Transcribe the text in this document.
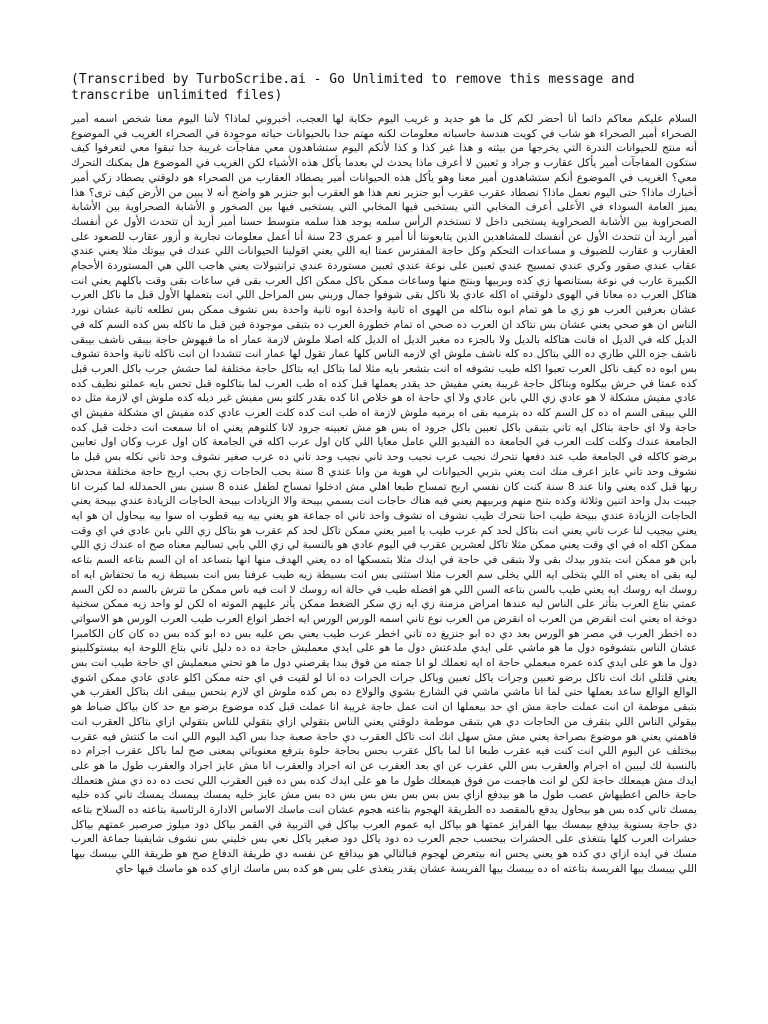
(Transcribed by TurboScribe.ai - Go Unlimited to remove this message and transcribe unlimited files)

السلام عليكم معاكم دائما أنا أحضر لكم كل ما هو جديد و غريب اليوم حكاية لها العجب، أخبروني لماذا؟ لأننا اليوم معنا شخص اسمه أمير الصحراء أمير الصحراء هو شاب في كويت هندسة حاسباته معلومات لكنه مهتم جدا بالحيوانات حياته موجودة في الصحراء الغريب في الموضوع أنه منتج للحيوانات الندرة التي يخرجها من بيئته و هذا غير كذا و كذا لأنكم اليوم ستشاهدون معي مفاجآت غريبة جدا تبقوا معي لتعرفوا كيف ستكون المفاجآت أمير يأكل عقارب و جراد و ثعبين لا أعرف ماذا يحدث لي بعدما يأكل هذه الأشياء لكن الغريب في الموضوع هل يمكنك التحرك معي؟ الغريب في الموضوع أنكم ستشاهدون أمير معنا وهو يأكل هذه الحيوانات أمير يصطاد العقارب من الصحراء هو دلوقتي يصطاد زكي أمير أخبارك ماذا؟ حتى اليوم نعمل ماذا؟ نصطاد عقرب عقرب أبو جنزير نعم هذا هو العقرب أبو جنزير هو واضح أنه لا يبين من الأرض كيف ترى؟ هذا يميز العامة السوداء في الأعلى أعرف المخابي التي يستخبى فيها المخابي التي يستخبى فيها بين الصخور و الأشابة الصحراوية بين الأشابة الصحراوية بين الأشابة الصحراوية يستخبى داخل لا تستخدم الرأس سلمه يوجد هذا سلمه متوسط حسنا أمير أريد أن تتحدث الأول عن أنفسك أمير أريد أن تتحدث الأول عن أنفسك للمشاهدين الذين يتابعوننا أنا أمير و عمري 23 سنة أنا أعمل معلومات تجارية و أزور عقارب للصعود على العقارب و عقارب للضيوف و مساعدات التحكم وكل حاجة المفترس عمتا ايه اللي يعني اقولينا الحيوانات اللي عندك في بيوتك مثلا يعني عندي عقاب عندي صقور وكري عندي تمسيح عندي ثعبين على نوعة عندي ثعبين مستوردة عندي ترانتيولات يعني هاجب اللي هي المستوردة الأحجام الكبيرة عارب في نوعة بستانصها زي كده وبربيها وبنتج منها وساعات ممكن باكل ممكن اكل العرب بقى في ساعات بقى وقت باكلهم يعني انت هتاكل العرب ده معانا في الهوى دلوقتي اه اكله عادي بلا ناكل بقى شوفوا جمال وربني بس المراحل اللي انت بتعملها الأول قبل ما ناكل العرب عشان بعرفين العرب هو زي ما هو تمام ابوه بناكله من الهوى اه ثانية واحدة ابوه ثانية واحدة بس نشوف ممكن بس تطلعه ثانية عشان نورد الناس ان هو صحي يعني عشان بس نتاكد ان العرب ده صحي اه تمام خطورة العرب ده بتبقى موجودة فين قبل ما تاكله بس كده السم كله في الديل كله في الديل اه فانت هتاكله بالديل ولا بالجزء ده مغير الديل اه الديل كله اصلا ملوش لازمة عمار اه ما فيهوش حاجة بيبقى ناشف بيبقى ناشف جزه اللي طاري ده اللي بتاكل ده كله ناشف ملوش اي لازمه الناس كلها عمار تقول لها عمار انت تتشددا ان انت ناكله ثانية واحدة تشوف بس ابوه ده كيف ناكل العرب تعبوا اكله طيب نشوفه اه انت بتشعر بايه مثلا لما بتاكل ايه بتاكل حاجة مختلفة لما حشش جرب باكل العرب قبل كده عمتا في حرش بيكلوه وبتاكل حاجة غريبة يعني مفيش حد يقدر يعملها قبل كده اه طب العرب لما بتاكلوه قبل تحس بايه عملتو نظيف كده عادي مفيش مشكلة لا هو عادي زي اللي بابن عادي ولا اي حاجة اه هو خلاص انا كده بقدر كلتو بس مفيش غير ديله كده ملوش اي لازمة مثل ده اللي بيبقى السم اه ده كل السم كله ده بترميه بقى اه برميه ملوش لازمة اه طب انت كده كلت العرب عادي كده مفيش اي مشكلة مفيش اي حاجة ولا اي حاجة بتاكل ايه تاني بتبقى باكل تعبين باكل جرود اه بس هو مش تعبينه جرود لانا كلتوهم يعني اه انا سمعت انت دخلت قبل كده الجامعة عندك وكلت كلت العرب في الجامعة ده الفيديو اللي عامل معايا اللي كان اول عرب اكله في الجامعة كان اول عرب وكان اول تعابين برضو كاكله في الجامعة طب عند دفعها نتحرك نجيب عرب نجيب وحد تاني نجيب وحد تاني ده عرب صغير نشوف وحد تاني نكله بس قبل ما نشوف وحد تاني عايز اعرف منك انت يعني بتربي الحيوانات لي هوية من وانا عندي 8 سنة بحب الحاجات زي بحب اربح حاجة مختلفة محدش ربها قبل كده يعني وانا عند 8 سنة كنت كان نفسي اربح تمساح طبعا اهلي مش ادخلوا تمساح لطفل عنده 8 سنين بس الحمدلله لما كبرت انا جيبت بدل واحد اتنين وثلاثة وكده بتنح منهم وبربيهم يعني فيه هناك حاجات انت بسمي بيبحة والا الزيادات بيبحة الحاجات الزيادة عندي بيبحة يعني الحاجات الزيادة عندي ببيحة طيب احنا نتحرك طيب نشوف اه نشوف واحد تاني اه جماعة هو يعني بيه بيه قطوب اه سوا بيه بيحاول ان هو ايه يعني بيجيب لنا عرب تاني يعني انت بتاكل لحد كم عرب طيب يا امير يعني ممكن تاكل لحد كم عقرب هو بتاكل زي اللي بابن عادي في اي وقت ممكن اكله اه في اي وقت يعني ممكن مثلا تاكل لعشرين عقرب في اليوم عادي هو بالنسبة لي زي اللي بابي تساليم معناه صح اه عندك زي اللي بابن هو ممكن انت بتدور بيدك بقى ولا بتبقى في حاجة في ايدك مثلا بتمسكها اه ده يعني الهدف منها انها بتساعد اه ان السم بتاعه السم بتاعه ليه بقى اه يعني اه اللي بتخلى ايه اللي يخلى سم العرب مثلا استثنى بس انت بسيطة زيه طيب عرفنا بس انت بسيطة زيه ما تحتفاش ايه اه روسك ايه روسك ايه يعني طيب بالسن بتاعه السن اللي هو افضله طيب في حالة انه روسك لا انت فيه ناس ممكن ما تترش بالسم ده لكن السم عمتي بتاع العرب بتأثر على الناس ليه عندها امراض مزمنة زي ايه زي سكر الضغط ممكن يأثر عليهم الموته اه لكن لو واحد زيه ممكن سخنية دوخة اه يعني انت انقرض من العرب اه انقرض من العرب نوع تاني اسمه الورس الورس ايه اخطر انواع العرب طيب العرب الورس هو الاسواتي ده اخطر العرب في مصر هو الورس بعد دي ده ابو جنزيغ ده تاني اخطر عرب طيب يعني بص عليه بس ده ابو كده بس ده كان كان الكامبرا عشان الناس بتشوفوه دول ما هو ماشي على ايدي ملدعتش دول ما هو على ايدي معمليش حاجة ده ده دليل تاني بتاع اللوحة ايه بيستوكلبينو دول ما هو على ايدي كده عمره مبعملي حاجة اه ايه تعملك لو انا جمته من فوق يبدا يقرصني دول ما هو تحتي مبعمليش اي حاجة طيب انت بس يعني قلتلي انك انت تاكل برضو تعبين وجرات ياكل تعبين وياكل جرات الجرات ده انا لو لقيت في اي حته ممكن اكلو عادي عادي ممكن اشوي الوالع الوالع ساعد بعملها حتى لما انا ماشي ماشي في الشارع بشوي والولاع ده بص كده ملوش اي لازم بتحس بيبقى انك بتاكل العقرب هي بتبقى موطمة ان انت عملت حاجة مش اي حد بيعملها ان انت عمل حاجة غريبة انا عملت قبل كده موضوع برضو مع حد كان بياكل ضباط هو بيقولي الناس اللي بتقرف من الحاجات دي هي بتبقى موطمة دلوقتي يعني الناس بتقولي ازاي بتقولي للناس بتقولي ازاي بتاكل العقرب انت فاهمني يعني هو موضوع بصراحة يعني مش مش سهل انك انت تاكل العقرب دي حاجة صعبة جدا بس اكيد اليوم اللي انت ما كنتش فيه عقرب بيختلف عن اليوم اللي انت كنت فيه عقرب طبعا انا لما باكل عقرب بحس بحاجة حلوة بترفع معنوياتي بمعنى صح لما باكل عقرب اجرام ده بالنسبة لك ليبين اه اجرام والعقرب بس اللي عقرب عن اي بعد العقرب عن انه اجراد والعقرب انا مش عايز اجراد والعقرب طول ما هو على ايدك مش هيمعلك حاجة لكن لو انت هاجمت من فوق هيمعلك طول ما هو على ايدك كده بس ده فين العقرب اللي تحت ده ده دي مش هتعملك حاجة خالص اعطيهاش عصب طول ما هو بيدفع ازاي بس بس بس بس بس بس ده بس مش عايز خليه يمسك بيمسك يمسك تاني كده خليه يمسك تاني كده بس هو بيحاول يدفع بالمقصد ده الطريقة الهجوم بتاعته هجوم عشان انت ماسك الاساس الادارة الرئاسية بتاعته ده السلاح بتاعه دي حاجة بسنوية بيدفع بيمسك بيها الفرايز عمتها هو بياكل ايه عموم العرب بياكل في التربية في القمر بياكل دود ميلوز صرصير عمتهم بياكل حشرات العرب كلها بتتغذى على الحشرات بيحسب حجم العرب ده دود ياكل دود صغير ياكل نعي بس خليني بس نشوف شايفينا جماعة العرب مسك في ايده ازاي دي كده هو يعني يحس انه بيتعرض لهجوم فبالتالي هو بيدافع عن نفسه دي طريقة الدفاع صح هو طريقة اللي بيبسك بيها اللي بيبسك بيها الفريسة بتاعته اه ده بيبسك بيها الفريسة عشان يقدر يتغذى على بس هو كده بس ماسك ازاي كده هو ماسك فيها حاي
